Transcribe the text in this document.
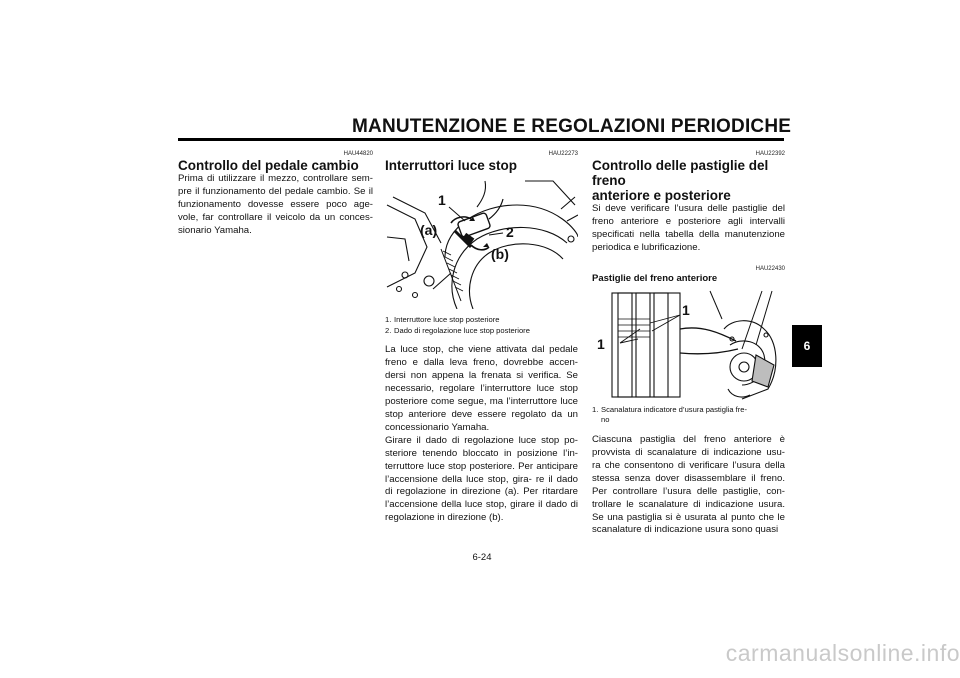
MANUTENZIONE E REGOLAZIONI PERIODICHE
HAU44820
Controllo del pedale cambio

Prima di utilizzare il mezzo, controllare sem- pre il funzionamento del pedale cambio. Se il funzionamento dovesse essere poco age- vole, far controllare il veicolo da un conces- sionario Yamaha.

HAU22273
Interruttori luce stop
1
2
(a)
(b)
1. Interruttore luce stop posteriore
2. Dado di regolazione luce stop posteriore

La luce stop, che viene attivata dal pedale freno e dalla leva freno, dovrebbe accen- dersi non appena la frenata si verifica. Se necessario, regolare l’interruttore luce stop posteriore come segue, ma l’interruttore luce stop anteriore deve essere regolato da un concessionario Yamaha.
Girare il dado di regolazione luce stop po- steriore tenendo bloccato in posizione l’in- terruttore luce stop posteriore. Per anticipare l’accensione della luce stop, gira- re il dado di regolazione in direzione (a). Per ritardare l’accensione della luce stop, girare il dado di regolazione in direzione (b).

HAU22392
Controllo delle pastiglie del freno
anteriore e posteriore

Si deve verificare l’usura delle pastiglie del freno anteriore e posteriore agli intervalli specificati nella tabella della manutenzione periodica e lubrificazione.

HAU22430
Pastiglie del freno anteriore
1
1
1. Scanalatura indicatore d’usura pastiglia fre-
no

Ciascuna pastiglia del freno anteriore è provvista di scanalature di indicazione usu- ra che consentono di verificare l’usura della stessa senza dover disassemblare il freno. Per controllare l’usura delle pastiglie, con- trollare le scanalature di indicazione usura. Se una pastiglia si è usurata al punto che le scanalature di indicazione usura sono quasi

6
6-24
carmanualsonline.info
